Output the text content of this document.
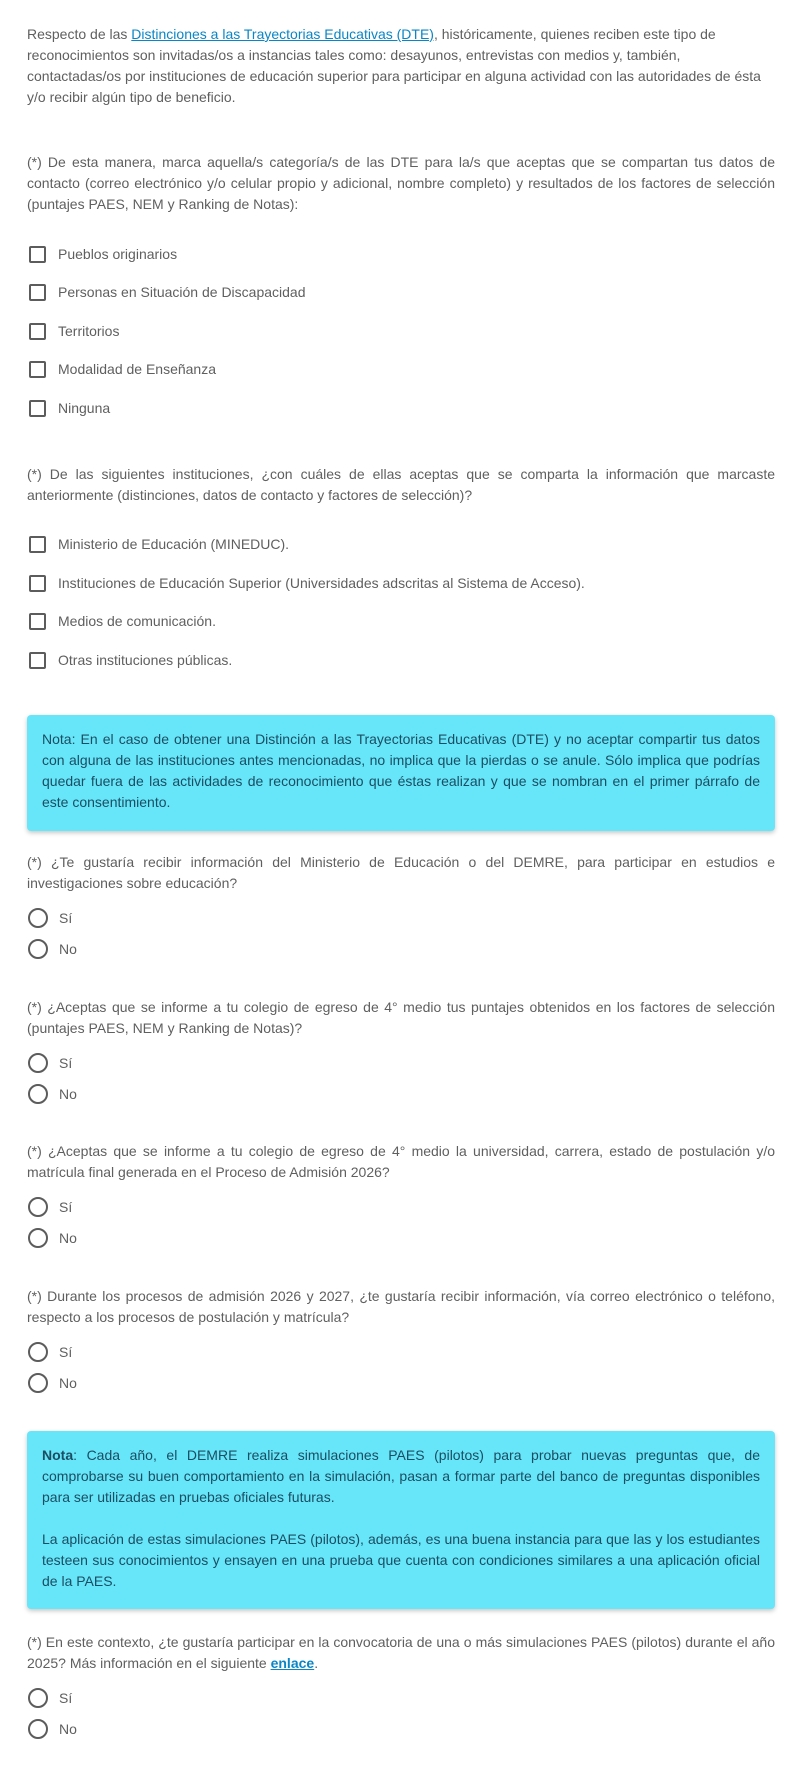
Respecto de las Distinciones a las Trayectorias Educativas (DTE), históricamente, quienes reciben este tipo de reconocimientos son invitadas/os a instancias tales como: desayunos, entrevistas con medios y, también, contactadas/os por instituciones de educación superior para participar en alguna actividad con las autoridades de ésta y/o recibir algún tipo de beneficio.

(*) De esta manera, marca aquella/s categoría/s de las DTE para la/s que aceptas que se compartan tus datos de contacto (correo electrónico y/o celular propio y adicional, nombre completo) y resultados de los factores de selección (puntajes PAES, NEM y Ranking de Notas):

Pueblos originarios
Personas en Situación de Discapacidad
Territorios
Modalidad de Enseñanza
Ninguna

(*) De las siguientes instituciones, ¿con cuáles de ellas aceptas que se comparta la información que marcaste anteriormente (distinciones, datos de contacto y factores de selección)?

Ministerio de Educación (MINEDUC).
Instituciones de Educación Superior (Universidades adscritas al Sistema de Acceso).
Medios de comunicación.
Otras instituciones públicas.

Nota: En el caso de obtener una Distinción a las Trayectorias Educativas (DTE) y no aceptar compartir tus datos con alguna de las instituciones antes mencionadas, no implica que la pierdas o se anule. Sólo implica que podrías quedar fuera de las actividades de reconocimiento que éstas realizan y que se nombran en el primer párrafo de este consentimiento.

(*) ¿Te gustaría recibir información del Ministerio de Educación o del DEMRE, para participar en estudios e investigaciones sobre educación?

Sí
No

(*) ¿Aceptas que se informe a tu colegio de egreso de 4° medio tus puntajes obtenidos en los factores de selección (puntajes PAES, NEM y Ranking de Notas)?

Sí
No

(*) ¿Aceptas que se informe a tu colegio de egreso de 4° medio la universidad, carrera, estado de postulación y/o matrícula final generada en el Proceso de Admisión 2026?

Sí
No

(*) Durante los procesos de admisión 2026 y 2027, ¿te gustaría recibir información, vía correo electrónico o teléfono, respecto a los procesos de postulación y matrícula?

Sí
No

Nota: Cada año, el DEMRE realiza simulaciones PAES (pilotos) para probar nuevas preguntas que, de comprobarse su buen comportamiento en la simulación, pasan a formar parte del banco de preguntas disponibles para ser utilizadas en pruebas oficiales futuras.

La aplicación de estas simulaciones PAES (pilotos), además, es una buena instancia para que las y los estudiantes testeen sus conocimientos y ensayen en una prueba que cuenta con condiciones similares a una aplicación oficial de la PAES.

(*) En este contexto, ¿te gustaría participar en la convocatoria de una o más simulaciones PAES (pilotos) durante el año 2025? Más información en el siguiente enlace.

Sí
No
